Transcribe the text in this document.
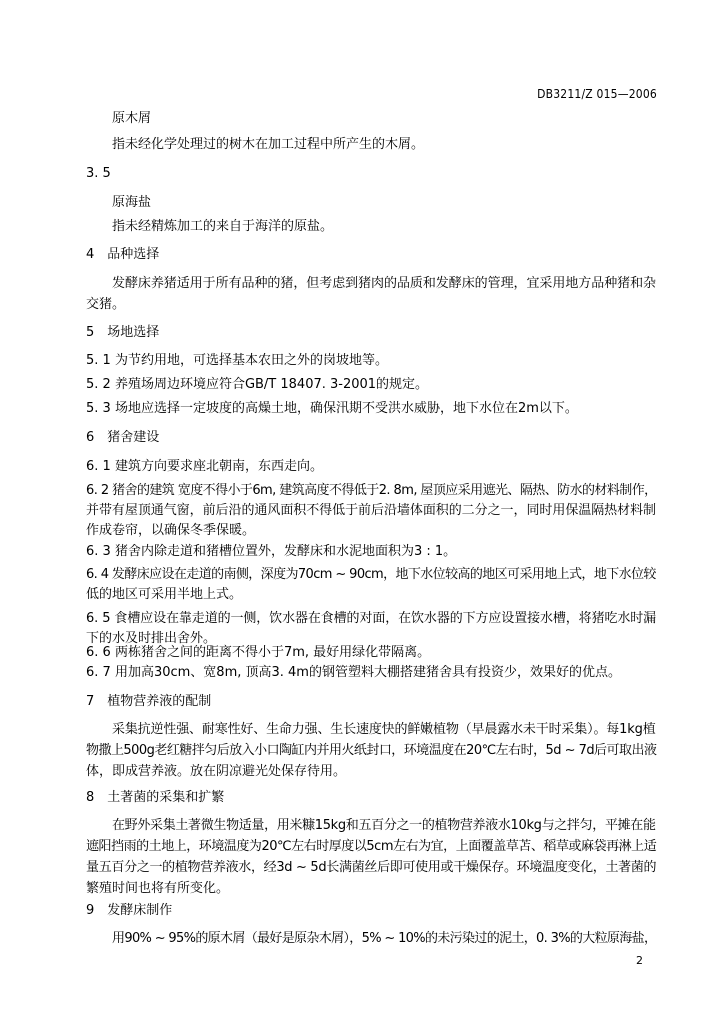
DB3211/Z 015—2006
原木屑
指未经化学处理过的树木在加工过程中所产生的木屑。
3. 5
原海盐
指未经精炼加工的来自于海洋的原盐。
4　品种选择
发酵床养猪适用于所有品种的猪，但考虑到猪肉的品质和发酵床的管理，宜采用地方品种猪和杂
交猪。
5　场地选择
5. 1 为节约用地，可选择基本农田之外的岗坡地等。
5. 2 养殖场周边环境应符合GB/T 18407. 3-2001的规定。
5. 3 场地应选择一定坡度的高燥土地，确保汛期不受洪水威胁，地下水位在2m以下。
6　猪舍建设
6. 1 建筑方向要求座北朝南，东西走向。
6. 2 猪舍的建筑 宽度不得小于6m, 建筑高度不得低于2. 8m, 屋顶应采用遮光、隔热、防水的材料制作，
并带有屋顶通气窗，前后沿的通风面积不得低于前后沿墙体面积的二分之一，同时用保温隔热材料制
作成卷帘，以确保冬季保暖。
6. 3 猪舍内除走道和猪槽位置外，发酵床和水泥地面积为3 : 1。
6. 4 发酵床应设在走道的南侧，深度为70cm ~ 90cm，地下水位较高的地区可采用地上式，地下水位较
低的地区可采用半地上式。
6. 5 食槽应设在靠走道的一侧，饮水器在食槽的对面，在饮水器的下方应设置接水槽，将猪吃水时漏
下的水及时排出舍外。
6. 6 两栋猪舍之间的距离不得小于7m, 最好用绿化带隔离。
6. 7 用加高30cm、宽8m, 顶高3. 4m的钢管塑料大棚搭建猪舍具有投资少，效果好的优点。
7　植物营养液的配制
采集抗逆性强、耐寒性好、生命力强、生长速度快的鲜嫩植物（早晨露水未干时采集）。每1kg植
物撒上500g老红糖拌匀后放入小口陶缸内并用火纸封口，环境温度在20℃左右时，5d ~ 7d后可取出液
体，即成营养液。放在阴凉避光处保存待用。
8　土著菌的采集和扩繁
在野外采集土著微生物适量，用米糠15kg和五百分之一的植物营养液水10kg与之拌匀，平摊在能
遮阳挡雨的土地上，环境温度为20℃左右时厚度以5cm左右为宜，上面覆盖草苫、稻草或麻袋再淋上适
量五百分之一的植物营养液水，经3d ~ 5d长满菌丝后即可使用或干燥保存。环境温度变化，土著菌的
繁殖时间也将有所变化。
9　发酵床制作
用90% ~ 95%的原木屑（最好是原杂木屑），5% ~ 10%的未污染过的泥土，0. 3%的大粒原海盐，
2
